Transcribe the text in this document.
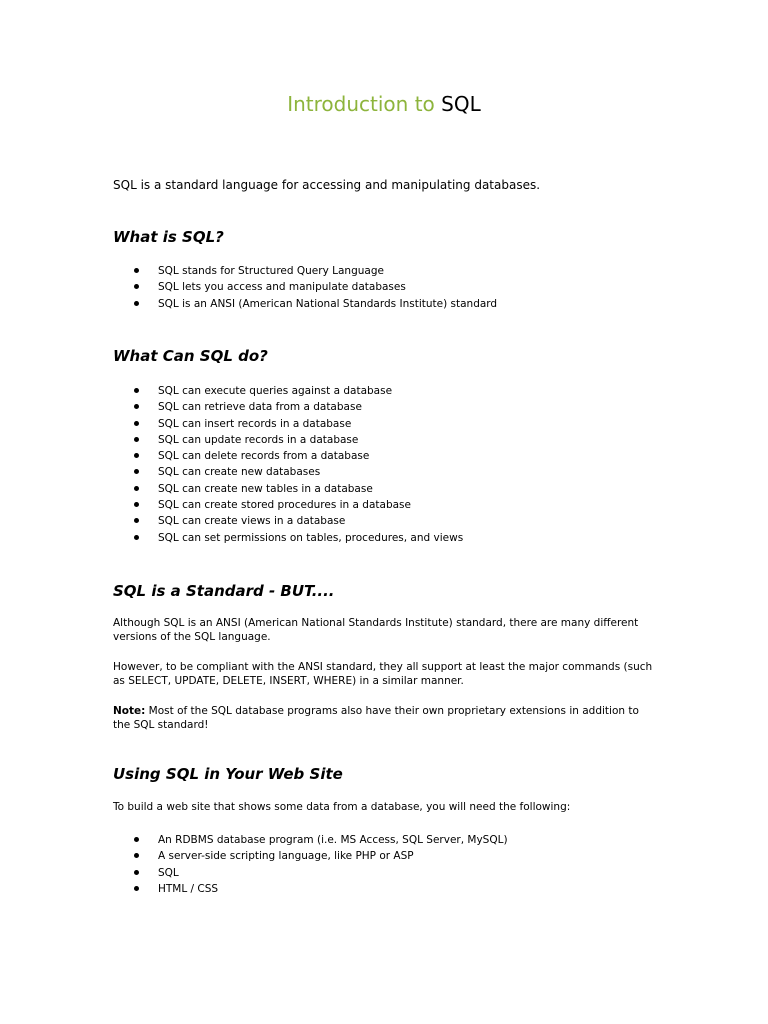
Introduction to SQL

SQL is a standard language for accessing and manipulating databases.

What is SQL?
SQL stands for Structured Query Language
SQL lets you access and manipulate databases
SQL is an ANSI (American National Standards Institute) standard
What Can SQL do?
SQL can execute queries against a database
SQL can retrieve data from a database
SQL can insert records in a database
SQL can update records in a database
SQL can delete records from a database
SQL can create new databases
SQL can create new tables in a database
SQL can create stored procedures in a database
SQL can create views in a database
SQL can set permissions on tables, procedures, and views
SQL is a Standard - BUT....

Although SQL is an ANSI (American National Standards Institute) standard, there are many different versions of the SQL language.

However, to be compliant with the ANSI standard, they all support at least the major commands (such as SELECT, UPDATE, DELETE, INSERT, WHERE) in a similar manner.

Note: Most of the SQL database programs also have their own proprietary extensions in addition to the SQL standard!

Using SQL in Your Web Site

To build a web site that shows some data from a database, you will need the following:

An RDBMS database program (i.e. MS Access, SQL Server, MySQL)
A server-side scripting language, like PHP or ASP
SQL
HTML / CSS
